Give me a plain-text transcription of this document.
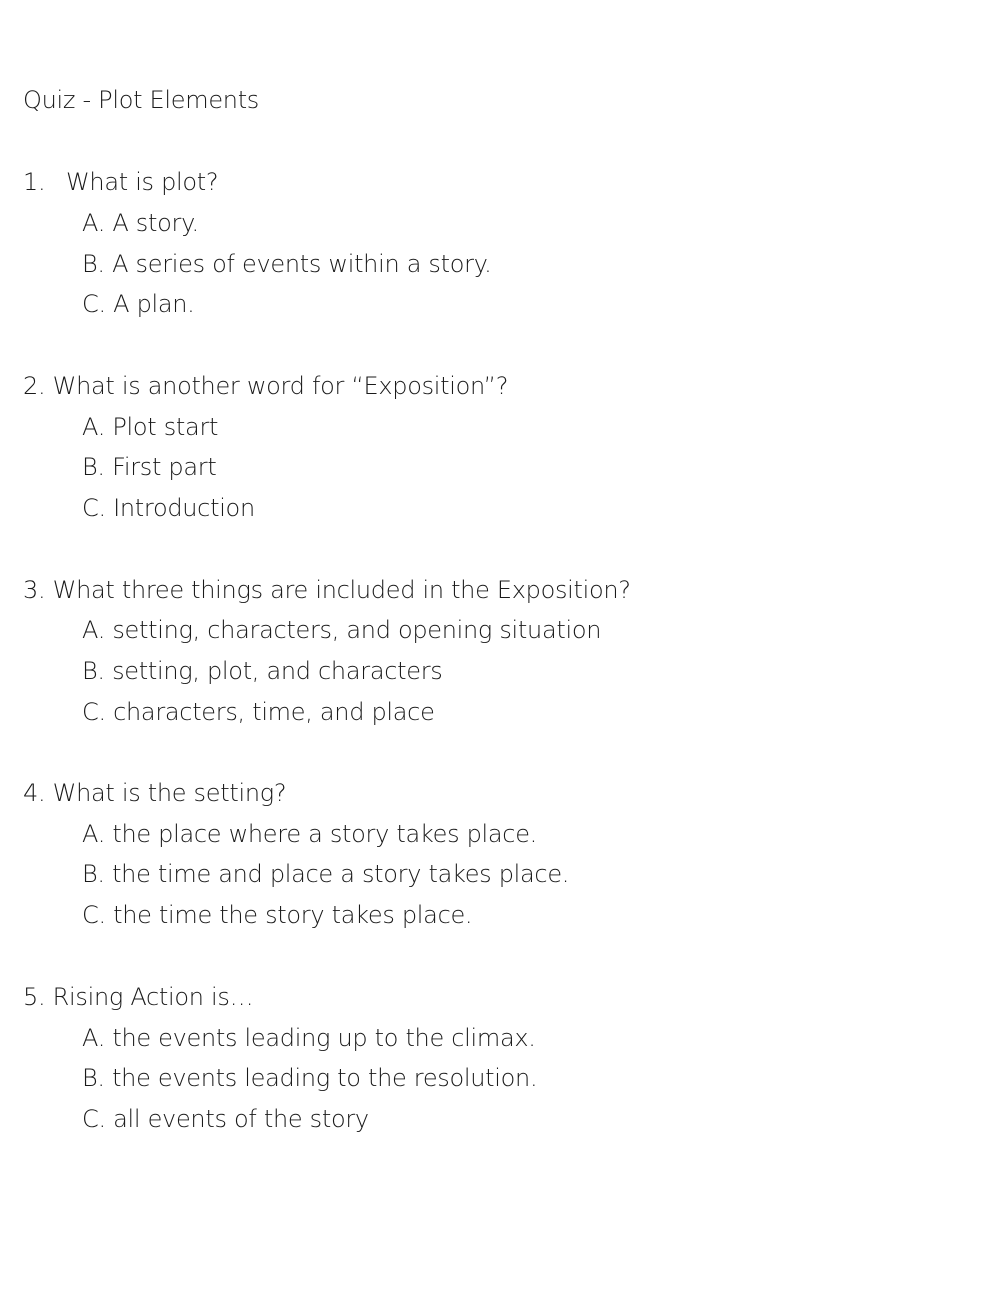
Quiz - Plot Elements
1. What is plot?
A. A story.
B. A series of events within a story.
C. A plan.
2. What is another word for “Exposition”?
A. Plot start
B. First part
C. Introduction
3. What three things are included in the Exposition?
A. setting, characters, and opening situation
B. setting, plot, and characters
C. characters, time, and place
4. What is the setting?
A. the place where a story takes place.
B. the time and place a story takes place.
C. the time the story takes place.
5. Rising Action is…
A. the events leading up to the climax.
B. the events leading to the resolution.
C. all events of the story
